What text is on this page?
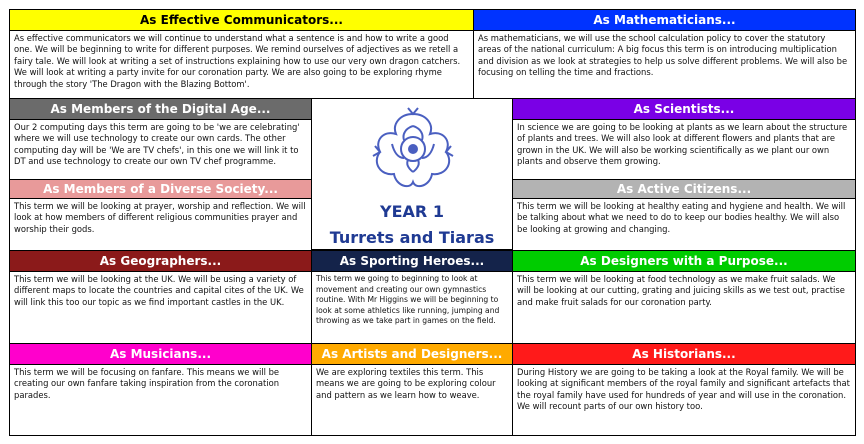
As Effective Communicators...	As Mathematicians...
As effective communicators we will continue to understand what a sentence is and how to write a good one. We will be beginning to write for different purposes. We remind ourselves of adjectives as we retell a fairy tale. We will look at writing a set of instructions explaining how to use our very own dragon catchers. We will look at writing a party invite for our coronation party. We are also going to be exploring rhyme through the story 'The Dragon with the Blazing Bottom'.
As mathematicians, we will use the school calculation policy to cover the statutory areas of the national curriculum: A big focus this term is on introducing multiplication and division as we look at strategies to help us solve different problems. We will also be focusing on telling the time and fractions.
As Members of the Digital Age...
Our 2 computing days this term are going to be 'we are celebrating' where we will use technology to create our own cards. The other computing day will be 'We are TV chefs', in this one we will link it to DT and use technology to create our own TV chef programme.
As Scientists...
In science we are going to be looking at plants as we learn about the structure of plants and trees. We will also look at different flowers and plants that are grown in the UK. We will also be working scientifically as we plant our own plants and observe them growing.
As Members of a Diverse Society...
This term we will be looking at prayer, worship and reflection. We will look at how members of different religious communities prayer and worship their gods.
As Active Citizens...
This term we will be looking at healthy eating and hygiene and health. We will be talking about what we need to do to keep our bodies healthy. We will also be looking at growing and changing.
YEAR 1
Turrets and Tiaras
As Geographers...
This term we will be looking at the UK. We will be using a variety of different maps to locate the countries and capital cites of the UK. We will link this too our topic as we find important castles in the UK.
As Sporting Heroes...
This term we going to beginning to look at movement and creating our own gymnastics routine. With Mr Higgins we will be beginning to look at some athletics like running, jumping and throwing as we take part in games on the field.
As Designers with a Purpose...
This term we will be looking at food technology as we make fruit salads. We will be looking at our cutting, grating and juicing skills as we test out, practise and make fruit salads for our coronation party.
As Musicians...
This term we will be focusing on fanfare. This means we will be creating our own fanfare taking inspiration from the coronation parades.
As Artists and Designers...
We are exploring textiles this term. This means we are going to be exploring colour and pattern as we learn how to weave.
As Historians...
During History we are going to be taking a look at the Royal family. We will be looking at significant members of the royal family and significant artefacts that the royal family have used for hundreds of year and will use in the coronation. We will recount parts of our own history too.
